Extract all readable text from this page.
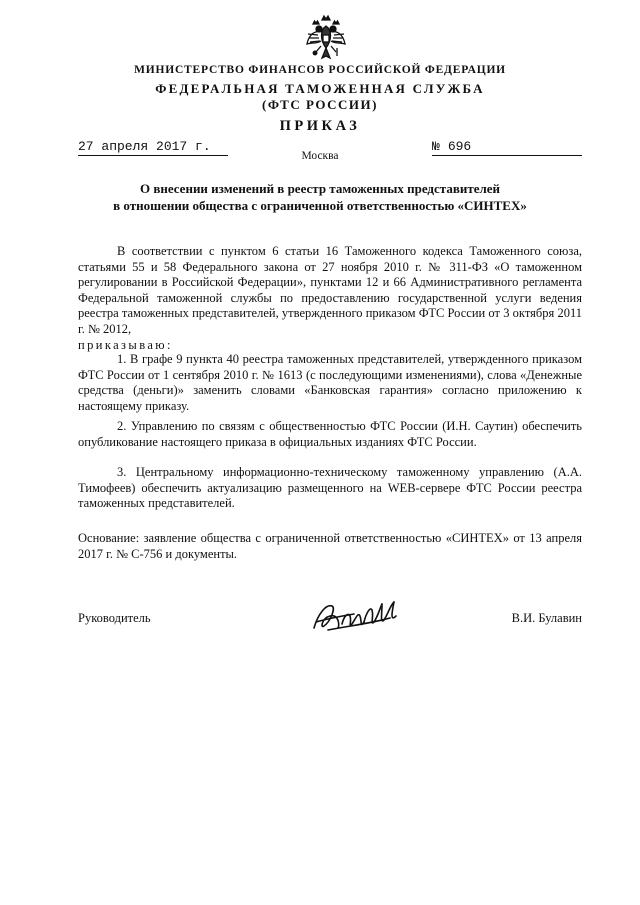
МИНИСТЕРСТВО ФИНАНСОВ РОССИЙСКОЙ ФЕДЕРАЦИИ
ФЕДЕРАЛЬНАЯ ТАМОЖЕННАЯ СЛУЖБА
(ФТС РОССИИ)
ПРИКАЗ
27 апреля 2017 г.	№ 696
Москва
О внесении изменений в реестр таможенных представителей
в отношении общества с ограниченной ответственностью «СИНТЕХ»
В соответствии с пунктом 6 статьи 16 Таможенного кодекса Таможенного союза, статьями 55 и 58 Федерального закона от 27 ноября 2010 г. № 311-ФЗ «О таможенном регулировании в Российской Федерации», пунктами 12 и 66 Административного регламента Федеральной таможенной службы по предоставлению государственной услуги ведения реестра таможенных представителей, утвержденного приказом ФТС России от 3 октября 2011 г. № 2012,
приказываю:
1. В графе 9 пункта 40 реестра таможенных представителей, утвержденного приказом ФТС России от 1 сентября 2010 г. № 1613 (с последующими изменениями), слова «Денежные средства (деньги)» заменить словами «Банковская гарантия» согласно приложению к настоящему приказу.
2. Управлению по связям с общественностью ФТС России (И.Н. Саутин) обеспечить опубликование настоящего приказа в официальных изданиях ФТС России.
3. Центральному информационно-техническому таможенному управлению (А.А. Тимофеев) обеспечить актуализацию размещенного на WEB-сервере ФТС России реестра таможенных представителей.
Основание: заявление общества с ограниченной ответственностью «СИНТЕХ» от 13 апреля 2017 г. № С-756 и документы.
Руководитель	В.И. Булавин
